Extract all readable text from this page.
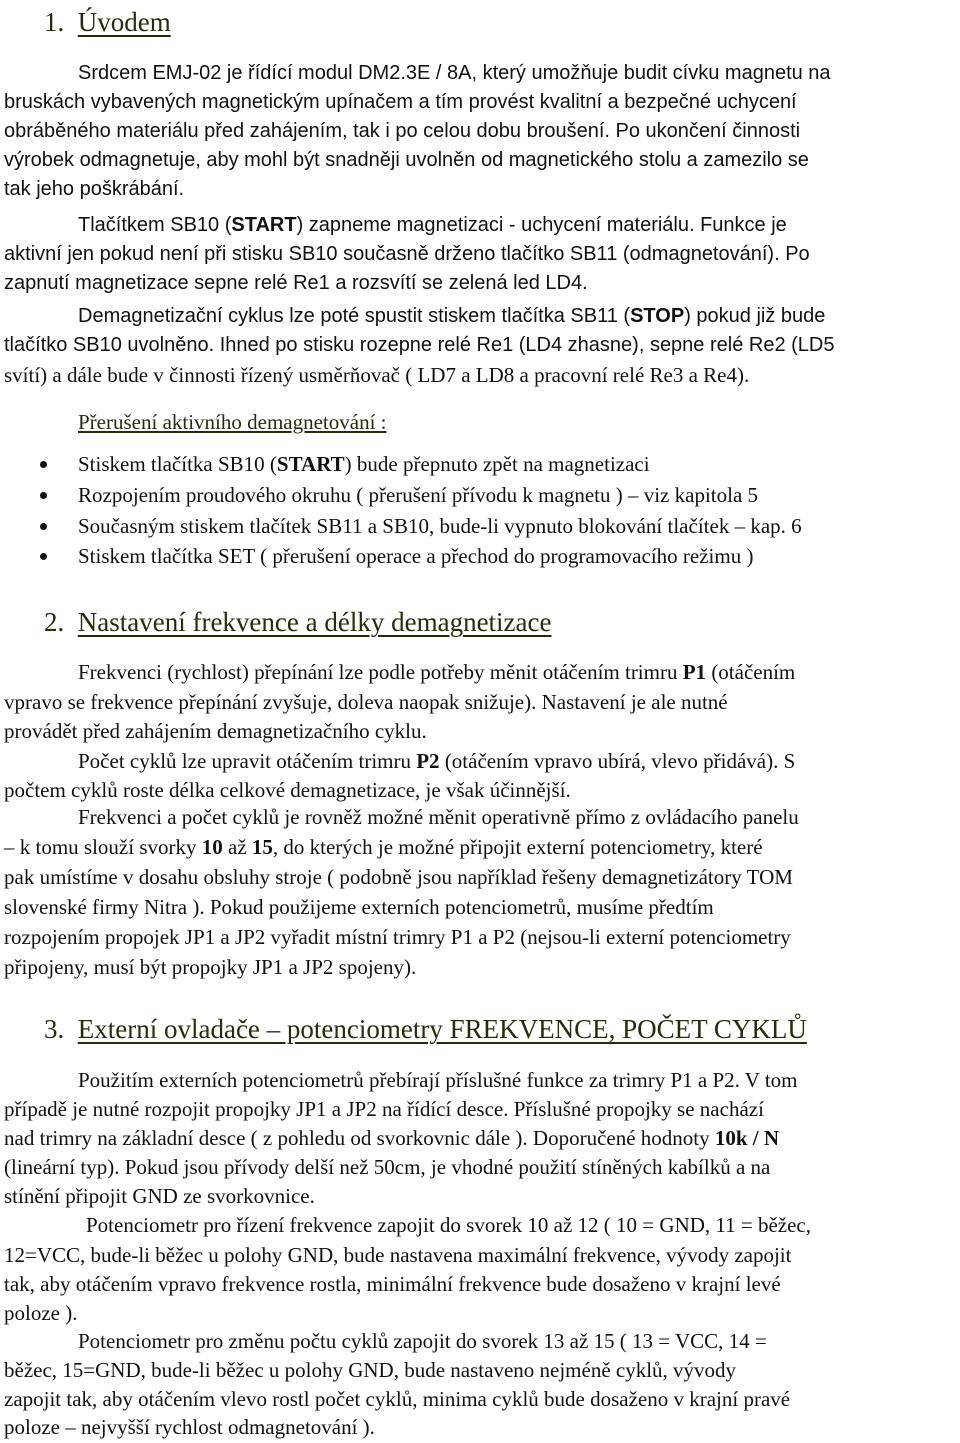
1. Úvodem
Srdcem EMJ-02 je řídící modul DM2.3E / 8A, který umožňuje budit cívku magnetu na
bruskách vybavených magnetickým upínačem a tím provést kvalitní a bezpečné uchycení
obráběného materiálu před zahájením, tak i po celou dobu broušení. Po ukončení činnosti
výrobek odmagnetuje, aby mohl být snadněji uvolněn od magnetického stolu a zamezilo se
tak jeho poškrábání.
Tlačítkem SB10 (START) zapneme magnetizaci - uchycení materiálu. Funkce je
aktivní jen pokud není při stisku SB10 současně drženo tlačítko SB11 (odmagnetování). Po
zapnutí magnetizace sepne relé Re1 a rozsvítí se zelená led LD4.
Demagnetizační cyklus lze poté spustit stiskem tlačítka SB11 (STOP) pokud již bude
tlačítko SB10 uvolněno. Ihned po stisku rozepne relé Re1 (LD4 zhasne), sepne relé Re2 (LD5
svítí) a dále bude v činnosti řízený usměrňovač ( LD7 a LD8 a pracovní relé Re3 a Re4).
Přerušení aktivního demagnetování :
Stiskem tlačítka SB10 (START) bude přepnuto zpět na magnetizaci
Rozpojením proudového okruhu ( přerušení přívodu k magnetu ) – viz kapitola 5
Současným stiskem tlačítek SB11 a SB10, bude-li vypnuto blokování tlačítek – kap. 6
Stiskem tlačítka SET ( přerušení operace a přechod do programovacího režimu )
2. Nastavení frekvence a délky demagnetizace
Frekvenci (rychlost) přepínání lze podle potřeby měnit otáčením trimru P1 (otáčením
vpravo se frekvence přepínání zvyšuje, doleva naopak snižuje). Nastavení je ale nutné
provádět před zahájením demagnetizačního cyklu.
Počet cyklů lze upravit otáčením trimru P2 (otáčením vpravo ubírá, vlevo přidává). S
počtem cyklů roste délka celkové demagnetizace, je však účinnější.
Frekvenci a počet cyklů je rovněž možné měnit operativně přímo z ovládacího panelu
– k tomu slouží svorky 10 až 15, do kterých je možné připojit externí potenciometry, které
pak umístíme v dosahu obsluhy stroje ( podobně jsou například řešeny demagnetizátory TOM
slovenské firmy Nitra ). Pokud použijeme externích potenciometrů, musíme předtím
rozpojením propojek JP1 a JP2 vyřadit místní trimry P1 a P2 (nejsou-li externí potenciometry
připojeny, musí být propojky JP1 a JP2 spojeny).
3. Externí ovladače – potenciometry FREKVENCE, POČET CYKLŮ
Použitím externích potenciometrů přebírají příslušné funkce za trimry P1 a P2. V tom
případě je nutné rozpojit propojky JP1 a JP2 na řídící desce. Příslušné propojky se nachází
nad trimry na základní desce ( z pohledu od svorkovnic dále ). Doporučené hodnoty 10k / N
(lineární typ). Pokud jsou přívody delší než 50cm, je vhodné použití stíněných kabílků a na
stínění připojit GND ze svorkovnice.
Potenciometr pro řízení frekvence zapojit do svorek 10 až 12 ( 10 = GND, 11 = běžec,
12=VCC, bude-li běžec u polohy GND, bude nastavena maximální frekvence, vývody zapojit
tak, aby otáčením vpravo frekvence rostla, minimální frekvence bude dosaženo v krajní levé
poloze ).
Potenciometr pro změnu počtu cyklů zapojit do svorek 13 až 15 ( 13 = VCC, 14 =
běžec, 15=GND, bude-li běžec u polohy GND, bude nastaveno nejméně cyklů, vývody
zapojit tak, aby otáčením vlevo rostl počet cyklů, minima cyklů bude dosaženo v krajní pravé
poloze – nejvyšší rychlost odmagnetování ).
